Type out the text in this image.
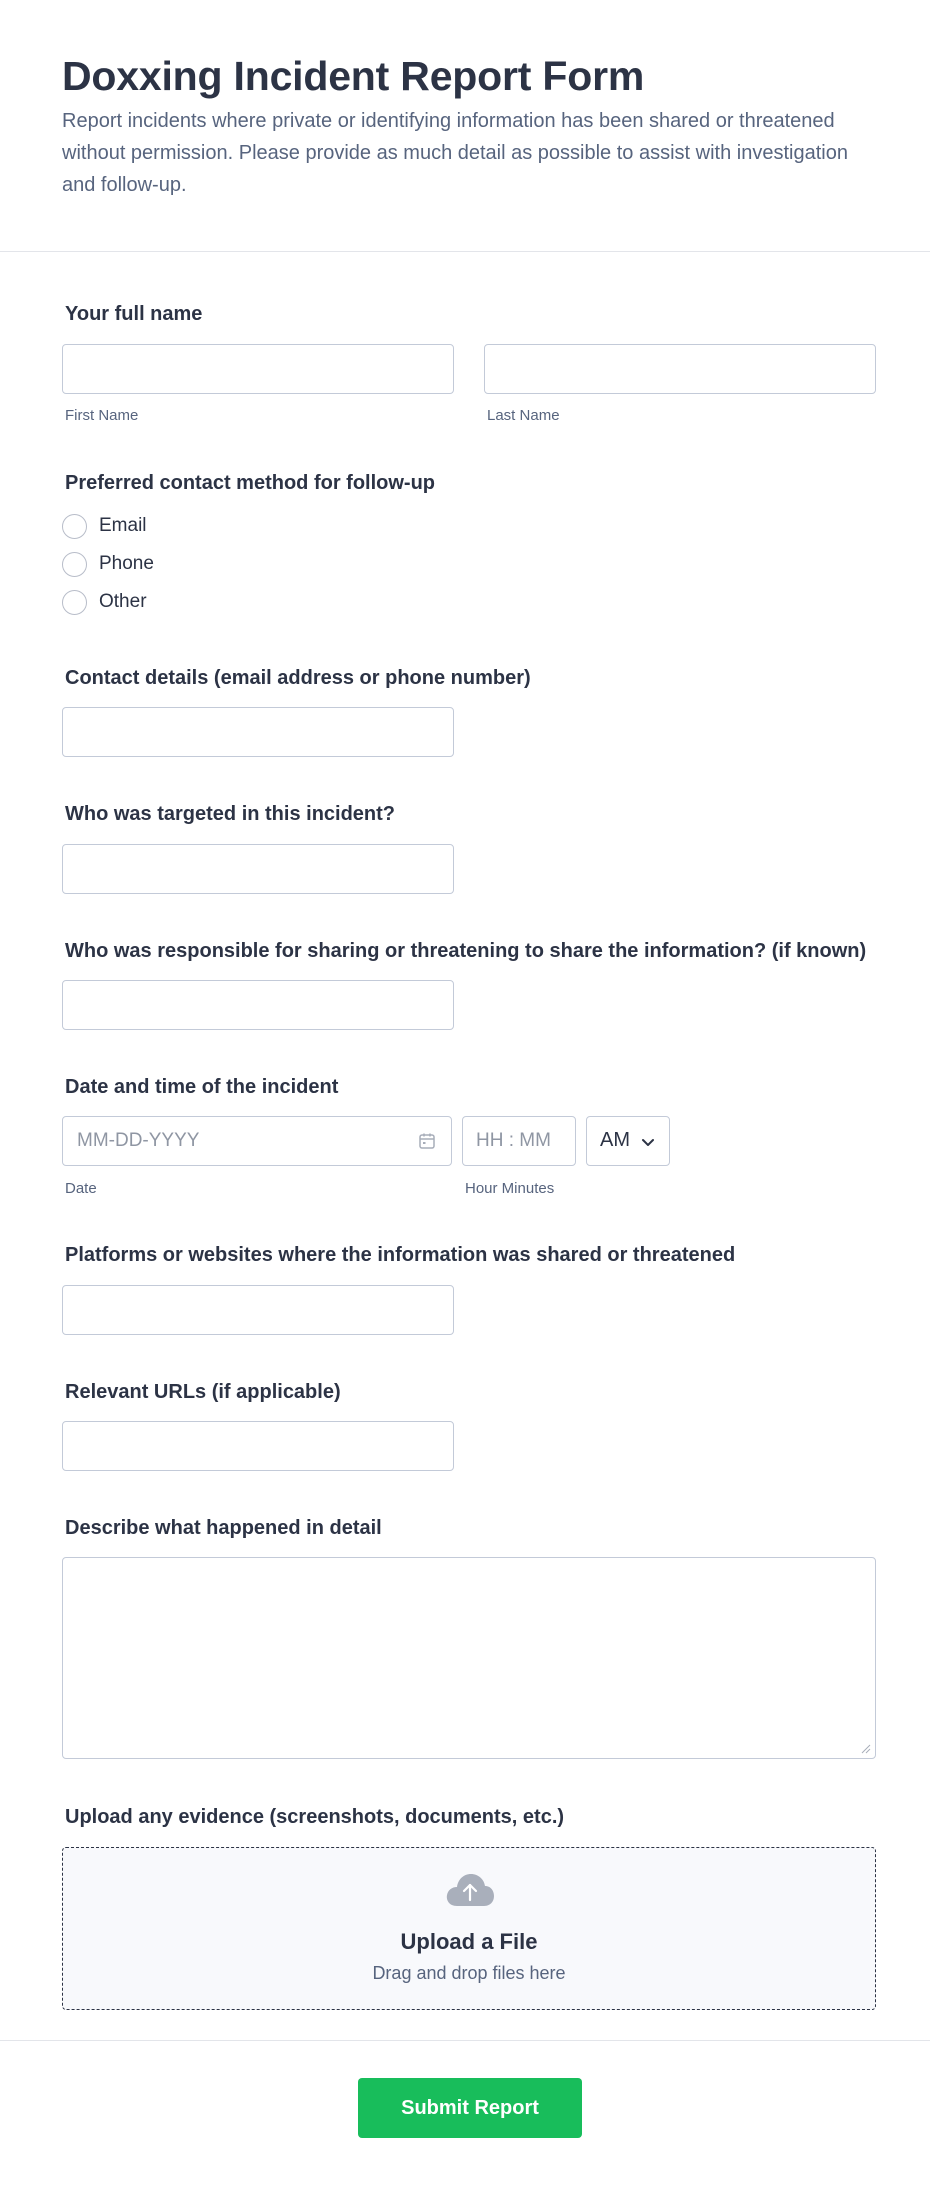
Doxxing Incident Report Form

Report incidents where private or identifying information has been shared or threatened without permission. Please provide as much detail as possible to assist with investigation and follow-up.

Your full name
First Name	Last Name
Preferred contact method for follow-up
Email
Phone
Other
Contact details (email address or phone number)
Who was targeted in this incident?
Who was responsible for sharing or threatening to share the information? (if known)
Date and time of the incident
MM-DD-YYYY	HH : MM AM
Date	Hour Minutes
Platforms or websites where the information was shared or threatened
Relevant URLs (if applicable)
Describe what happened in detail
Upload any evidence (screenshots, documents, etc.)
Upload a File
Drag and drop files here
Submit Report
